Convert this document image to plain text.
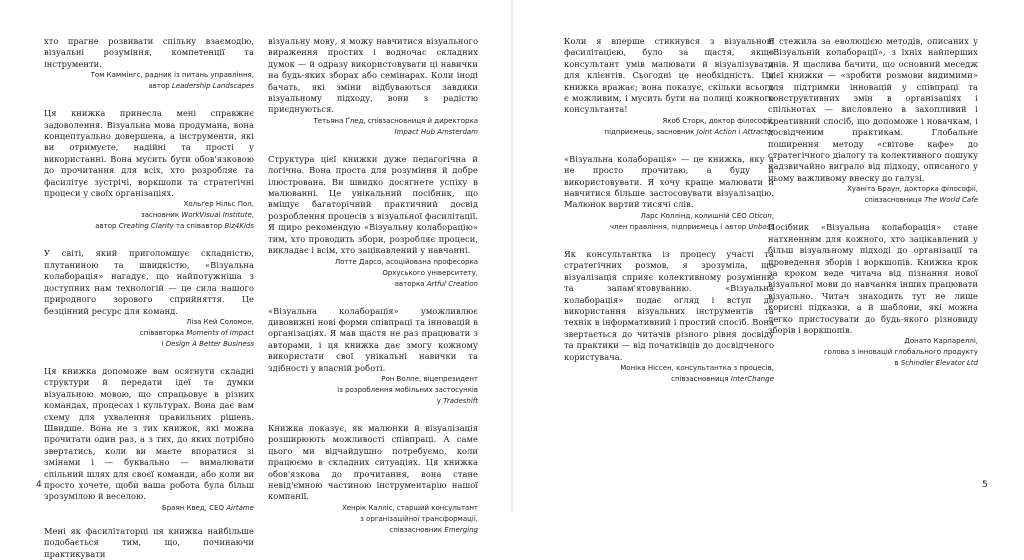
хто прагне розвивати спільну взаємодію, візуальні розуміння, компетенції та інструменти.

Том Каммінгс, радник із питань управління,
автор Leadership Landscapes

Ця книжка принесла мені справжнє задоволення. Візуальна мова продумана, вона концептуально довершена, а інструменти, які ви отримуєте, надійні та прості у використанні. Вона мусить бути обов'язковою до прочитання для всіх, хто розробляє та фасилітує зустрічі, воркшопи та стратегічні процеси у своїх організаціях.

Хольґер Нільс Пол,
засновник WorkVisual Institute,
автор Creating Clarity та співавтор Biz4Kids

У світі, який приголомшує складністю, плутаниною та швидкістю, «Візуальна колаборація» нагадує, що найпотужніша з доступних нам технологій — це сила нашого природного зорового сприйняття. Це безцінний ресурс для команд.

Ліза Кей Соломон,
співавторка Moments of Impact
і Design A Better Business

Ця книжка допоможе вам осягнути складні структури й передати ідеї та думки візуальною мовою, що спрацьовує в різних командах, процесах і культурах. Вона дає вам схему для ухвалення правильних рішень. Швидше. Вона не з тих книжок, які можна прочитати один раз, а з тих, до яких потрібно звертатись, коли ви маєте впоратися зі змінами і — буквально — вималювати спільний шлях для своєї команди, або коли ви просто хочете, щоби ваша робота була більш зрозумілою й веселою.

Браян Квед, CEO Airtame

Мені як фасилітаторці ця книжка найбільше подобається тим, що, починаючи практикувати

візуальну мову, я можу навчитися візуального вираження простих і водночас складних думок — й одразу використовувати ці навички на будь-яких зборах або семінарах. Коли іноді бачать, які зміни відбуваються завдяки візуальному підходу, вони з радістю приєднуються.

Тетьяна Ґлед, співзасновниця й директорка
Impact Hub Amsterdam

Структура цієї книжки дуже педагогічна й логічна. Вона проста для розуміння й добре ілюстрована. Ви швидко досягнете успіху в малюванні. Це унікальний посібник, що вміщує багаторічний практичний досвід розроблення процесів з візуальної фасилітації. Я щиро рекомендую «Візуальну колаборацію» тим, хто проводить збори, розробляє процеси, викладає і всім, хто зацікавлений у навчанні.

Лотте Дарсо, асоційована професорка
Орхуського університету,
авторка Artful Creation

«Візуальна колаборація» уможливлює дивовижні нові форми співпраці та інновацій в організаціях. Я мав щастя не раз працювати з авторами, і ця книжка дає змогу кожному використати свої унікальні навички та здібності у власній роботі.

Рон Волпе, віцепрезидент
із розроблення мобільних застосунків
у Tradeshift

Книжка показує, як малюнки й візуалізація розширюють можливості співпраці. А саме цього ми відчайдушно потребуємо, коли працюємо в складних ситуаціях. Ця книжка обов'язкова до прочитання, вона стане невід'ємною частиною інструментарію нашої компанії.

Хенрік Калліс, старший консультант
з організаційної трансформації,
співзасновник Emerging
4

Коли я вперше стикнувся з візуальною фасилітацією, було за щастя, якщо консультант умів малювати й візуалізувати для клієнтів. Сьогодні це необхідність. Ця книжка вражає; вона показує, скільки всього є можливим, і мусить бути на полиці кожного консультанта!

Якоб Сторк, доктор філософії,
підприємець, засновник Joint Action і Attractor

«Візуальна колаборація» — це книжка, яку я не просто прочитаю, а буду й використовувати. Я хочу краще малювати й навчитися більше застосовувати візуалізацію. Малюнок вартий тисячі слів.

Ларс Коллінд, колишній CEO Oticon,
член правління, підприємець і автор Unboss

Як консультантка із процесу участі та стратегічних розмов, я зрозуміла, що візуалізація сприяє колективному розумінню та запам'ятовуванню. «Візуальна колаборація» подає огляд і вступ до використання візуальних інструментів та технік в інформативний і простий спосіб. Вона звертається до читачів різного рівня досвіду та практики — від початківців до досвідченого користувача.

Моніка Ніссен, консультантка з процесів,
співзасновниця InterChange

Я стежила за еволюцією методів, описаних у «Візуальній колаборації», з їхніх найперших днів. Я щаслива бачити, що основний меседж цієї книжки — «зробити розмови видимими» для підтримки інновацій у співпраці та конструктивних змін в організаціях і спільнотах — висловлено в захопливий і креативний спосіб, що допоможе і новачкам, і досвідченим практикам. Глобальне поширення методу «світове кафе» до стратегічного діалогу та колективного пошуку надзвичайно виграло від підходу, описаного у цьому важливому внеску до галузі.

Хуаніта Браун, докторка філософії,
співзасновниця The World Cafe

Посібник «Візуальна колаборація» стане натхненням для кожного, хто зацікавлений у більш візуальному підході до організації та проведення зборів і воркшопів. Книжка крок за кроком веде читача від пізнання нової візуальної мови до навчання інших працювати візуально. Читач знаходить тут не лише корисні підказки, а й шаблони, які можна легко пристосувати до будь-якого різновиду зборів і воркшопів.

Донато Карпареллі,
голова з інновацій глобального продукту
в Schindler Elevator Ltd
5
